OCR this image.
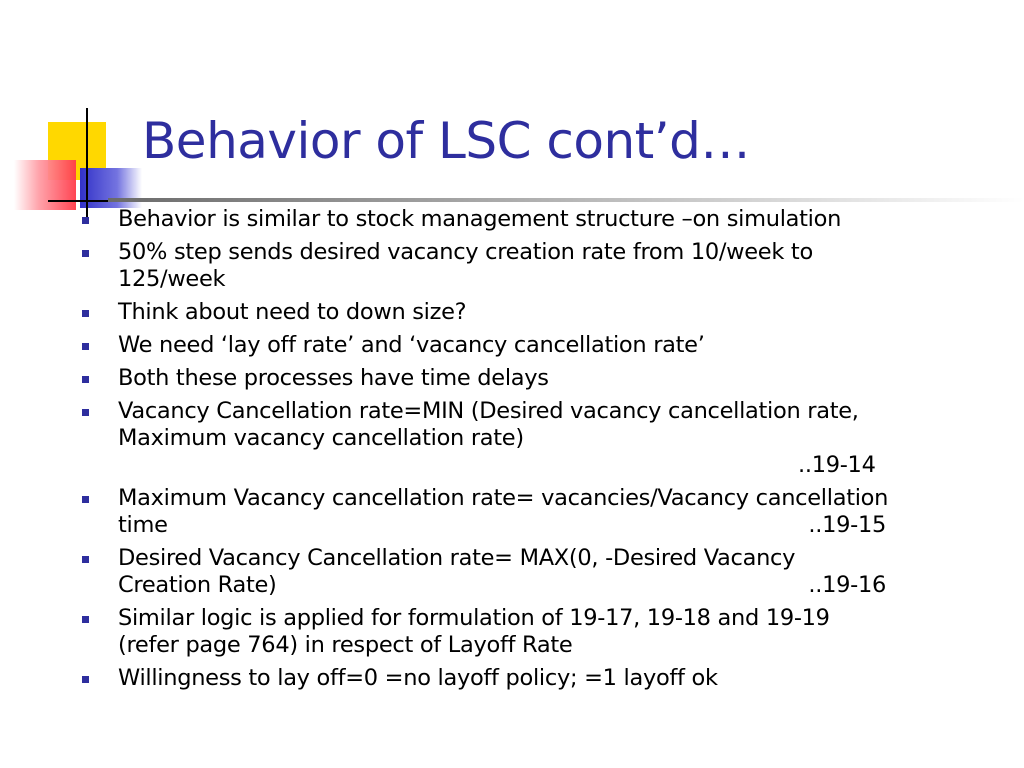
Behavior of LSC cont’d…
Behavior is similar to stock management structure –on simulation
50% step sends desired vacancy creation rate from 10/week to
125/week
Think about need to down size?
We need ‘lay off rate’ and ‘vacancy cancellation rate’
Both these processes have time delays
Vacancy Cancellation rate=MIN (Desired vacancy cancellation rate,
Maximum vacancy cancellation rate)
..19-14
Maximum Vacancy cancellation rate= vacancies/Vacancy cancellation
time	..19-15
Desired Vacancy Cancellation rate= MAX(0, -Desired Vacancy
Creation Rate)	..19-16
Similar logic is applied for formulation of 19-17, 19-18 and 19-19
(refer page 764) in respect of Layoff Rate
Willingness to lay off=0 =no layoff policy; =1 layoff ok
